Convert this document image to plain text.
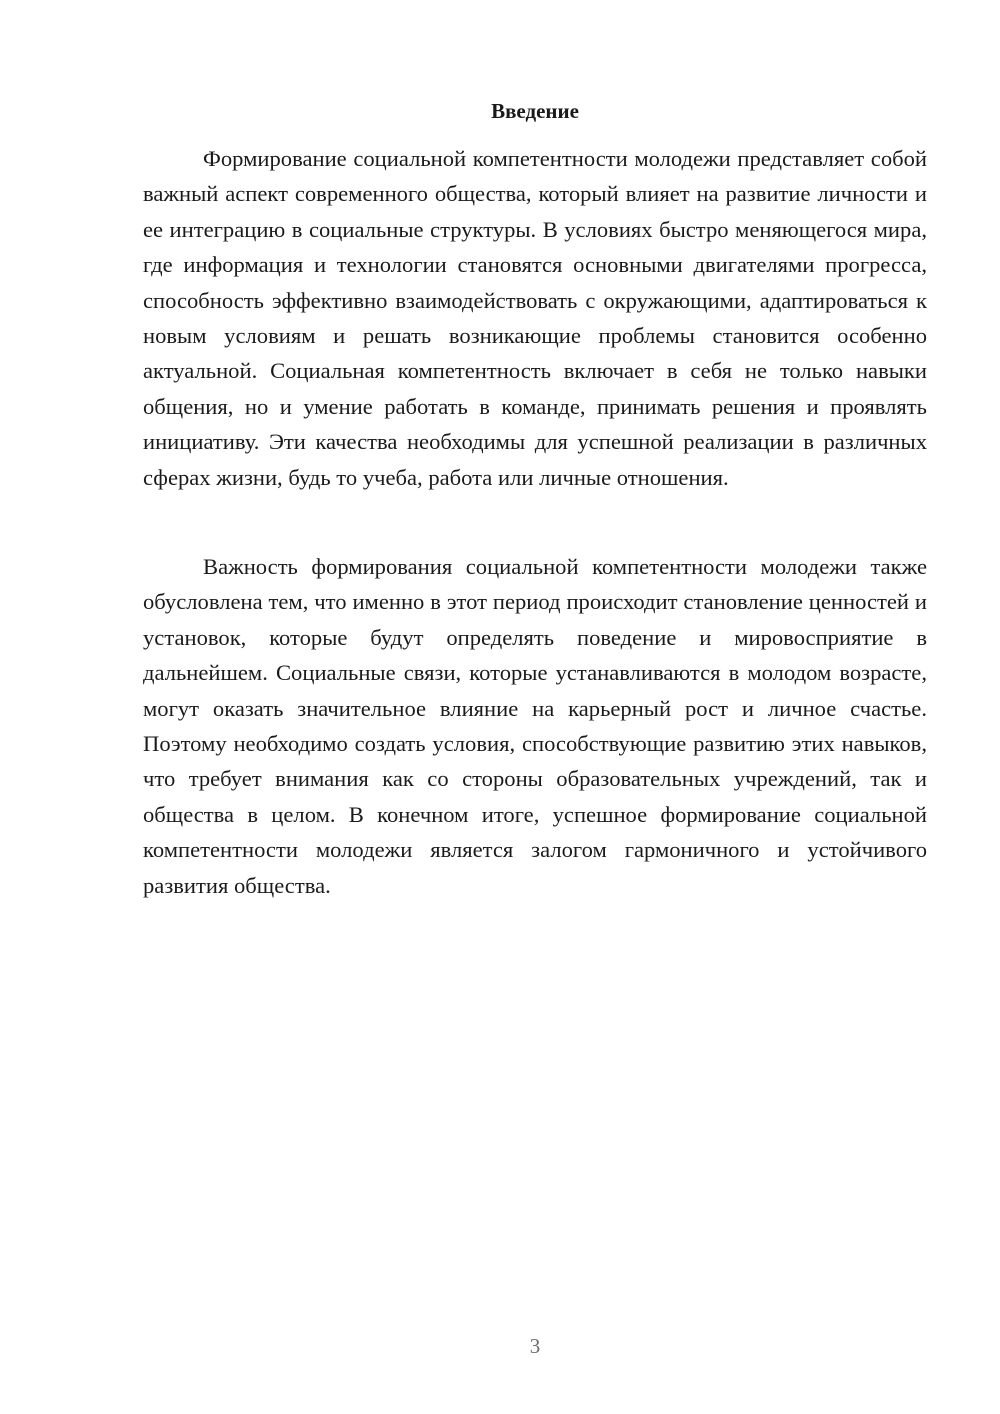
Введение

Формирование социальной компетентности молодежи представляет собой важный аспект современного общества, который влияет на развитие личности и ее интеграцию в социальные структуры. В условиях быстро меняющегося мира, где информация и технологии становятся основными двигателями прогресса, способность эффективно взаимодействовать с окружающими, адаптироваться к новым условиям и решать возникающие проблемы становится особенно актуальной. Социальная компетентность включает в себя не только навыки общения, но и умение работать в команде, принимать решения и проявлять инициативу. Эти качества необходимы для успешной реализации в различных сферах жизни, будь то учеба, работа или личные отношения.

Важность формирования социальной компетентности молодежи также обусловлена тем, что именно в этот период происходит становление ценностей и установок, которые будут определять поведение и мировосприятие в дальнейшем. Социальные связи, которые устанавливаются в молодом возрасте, могут оказать значительное влияние на карьерный рост и личное счастье. Поэтому необходимо создать условия, способствующие развитию этих навыков, что требует внимания как со стороны образовательных учреждений, так и общества в целом. В конечном итоге, успешное формирование социальной компетентности молодежи является залогом гармоничного и устойчивого развития общества.

3
